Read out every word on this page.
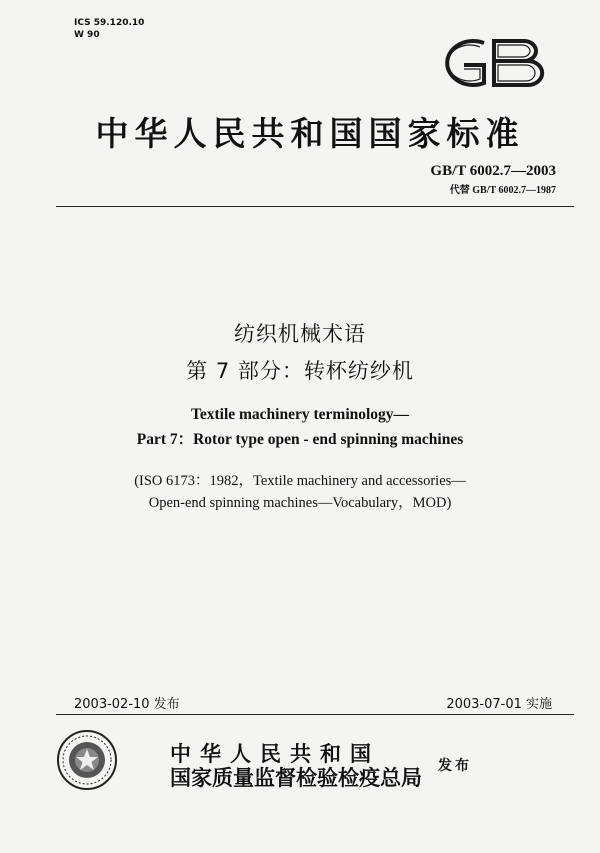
ICS 59.120.10
W 90
中华人民共和国国家标准
GB/T 6002.7—2003
代替 GB/T 6002.7—1987
纺织机械术语
第 7 部分：转杯纺纱机
Textile machinery terminology—
Part 7：Rotor type open - end spinning machines
(ISO 6173：1982，Textile machinery and accessories—
Open-end spinning machines—Vocabulary，MOD)
2003-02-10 发布	2003-07-01 实施
中华人民共和国
国家质量监督检验检疫总局 发布
